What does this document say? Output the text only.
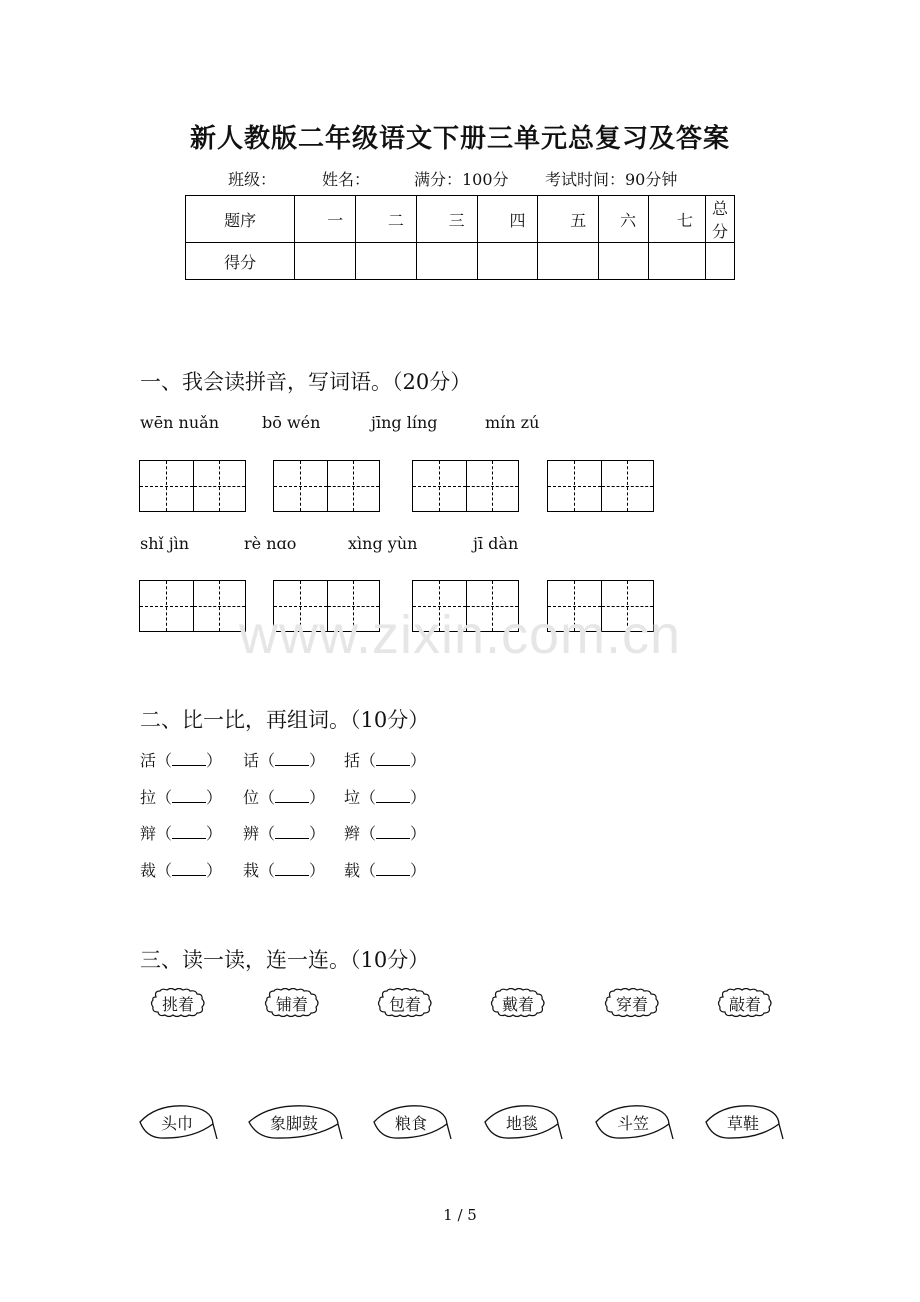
新人教版二年级语文下册三单元总复习及答案
班级：	姓名：	满分：100分 考试时间：90分钟
题序	一	二	三	四	五	六	七	总分
得分								
一、我会读拼音，写词语。（20分）
wēn nuǎn	bō wén	jīng líng	mín zú
shǐ jìn	rè nɑo	xìng yùn	jī dàn
www.zixin.com.cn
二、比一比，再组词。（10分）
活（ ） 话（ ） 括（ ）
拉（ ） 位（ ） 垃（ ）
辩（ ） 辨（ ） 辫（ ）
裁（ ） 栽（ ） 载（ ）
三、读一读，连一连。（10分）
挑着	铺着	包着	戴着	穿着	敲着
头巾	象脚鼓	粮食	地毯	斗笠	草鞋
1 / 5
